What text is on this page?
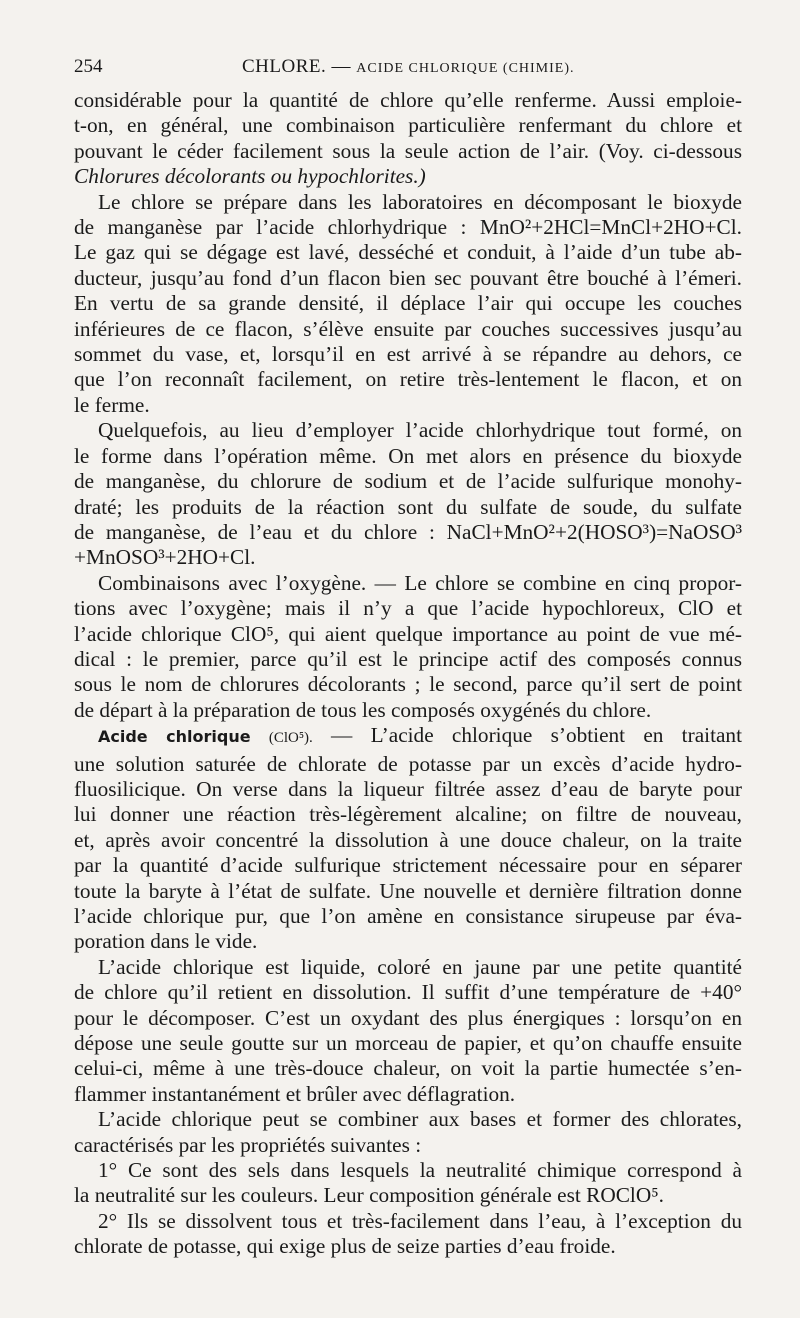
254	CHLORE. — ACIDE CHLORIQUE (CHIMIE).

considérable pour la quantité de chlore qu’elle renferme. Aussi emploie-

t-on, en général, une combinaison particulière renfermant du chlore et

pouvant le céder facilement sous la seule action de l’air. (Voy. ci-dessous

Chlorures décolorants ou hypochlorites.)

Le chlore se prépare dans les laboratoires en décomposant le bioxyde

de manganèse par l’acide chlorhydrique : MnO²+2HCl=MnCl+2HO+Cl.

Le gaz qui se dégage est lavé, desséché et conduit, à l’aide d’un tube ab-

ducteur, jusqu’au fond d’un flacon bien sec pouvant être bouché à l’émeri.

En vertu de sa grande densité, il déplace l’air qui occupe les couches

inférieures de ce flacon, s’élève ensuite par couches successives jusqu’au

sommet du vase, et, lorsqu’il en est arrivé à se répandre au dehors, ce

que l’on reconnaît facilement, on retire très-lentement le flacon, et on

le ferme.

Quelquefois, au lieu d’employer l’acide chlorhydrique tout formé, on

le forme dans l’opération même. On met alors en présence du bioxyde

de manganèse, du chlorure de sodium et de l’acide sulfurique monohy-

draté; les produits de la réaction sont du sulfate de soude, du sulfate

de manganèse, de l’eau et du chlore : NaCl+MnO²+2(HOSO³)=NaOSO³

+MnOSO³+2HO+Cl.

Combinaisons avec l’oxygène. — Le chlore se combine en cinq propor-

tions avec l’oxygène; mais il n’y a que l’acide hypochloreux, ClO et

l’acide chlorique ClO⁵, qui aient quelque importance au point de vue mé-

dical : le premier, parce qu’il est le principe actif des composés connus

sous le nom de chlorures décolorants ; le second, parce qu’il sert de point

de départ à la préparation de tous les composés oxygénés du chlore.

Acide chlorique (ClO⁵). — L’acide chlorique s’obtient en traitant

une solution saturée de chlorate de potasse par un excès d’acide hydro-

fluosilicique. On verse dans la liqueur filtrée assez d’eau de baryte pour

lui donner une réaction très-légèrement alcaline; on filtre de nouveau,

et, après avoir concentré la dissolution à une douce chaleur, on la traite

par la quantité d’acide sulfurique strictement nécessaire pour en séparer

toute la baryte à l’état de sulfate. Une nouvelle et dernière filtration donne

l’acide chlorique pur, que l’on amène en consistance sirupeuse par éva-

poration dans le vide.

L’acide chlorique est liquide, coloré en jaune par une petite quantité

de chlore qu’il retient en dissolution. Il suffit d’une température de +40°

pour le décomposer. C’est un oxydant des plus énergiques : lorsqu’on en

dépose une seule goutte sur un morceau de papier, et qu’on chauffe ensuite

celui-ci, même à une très-douce chaleur, on voit la partie humectée s’en-

flammer instantanément et brûler avec déflagration.

L’acide chlorique peut se combiner aux bases et former des chlorates,

caractérisés par les propriétés suivantes :

1° Ce sont des sels dans lesquels la neutralité chimique correspond à

la neutralité sur les couleurs. Leur composition générale est ROClO⁵.

2° Ils se dissolvent tous et très-facilement dans l’eau, à l’exception du

chlorate de potasse, qui exige plus de seize parties d’eau froide.
